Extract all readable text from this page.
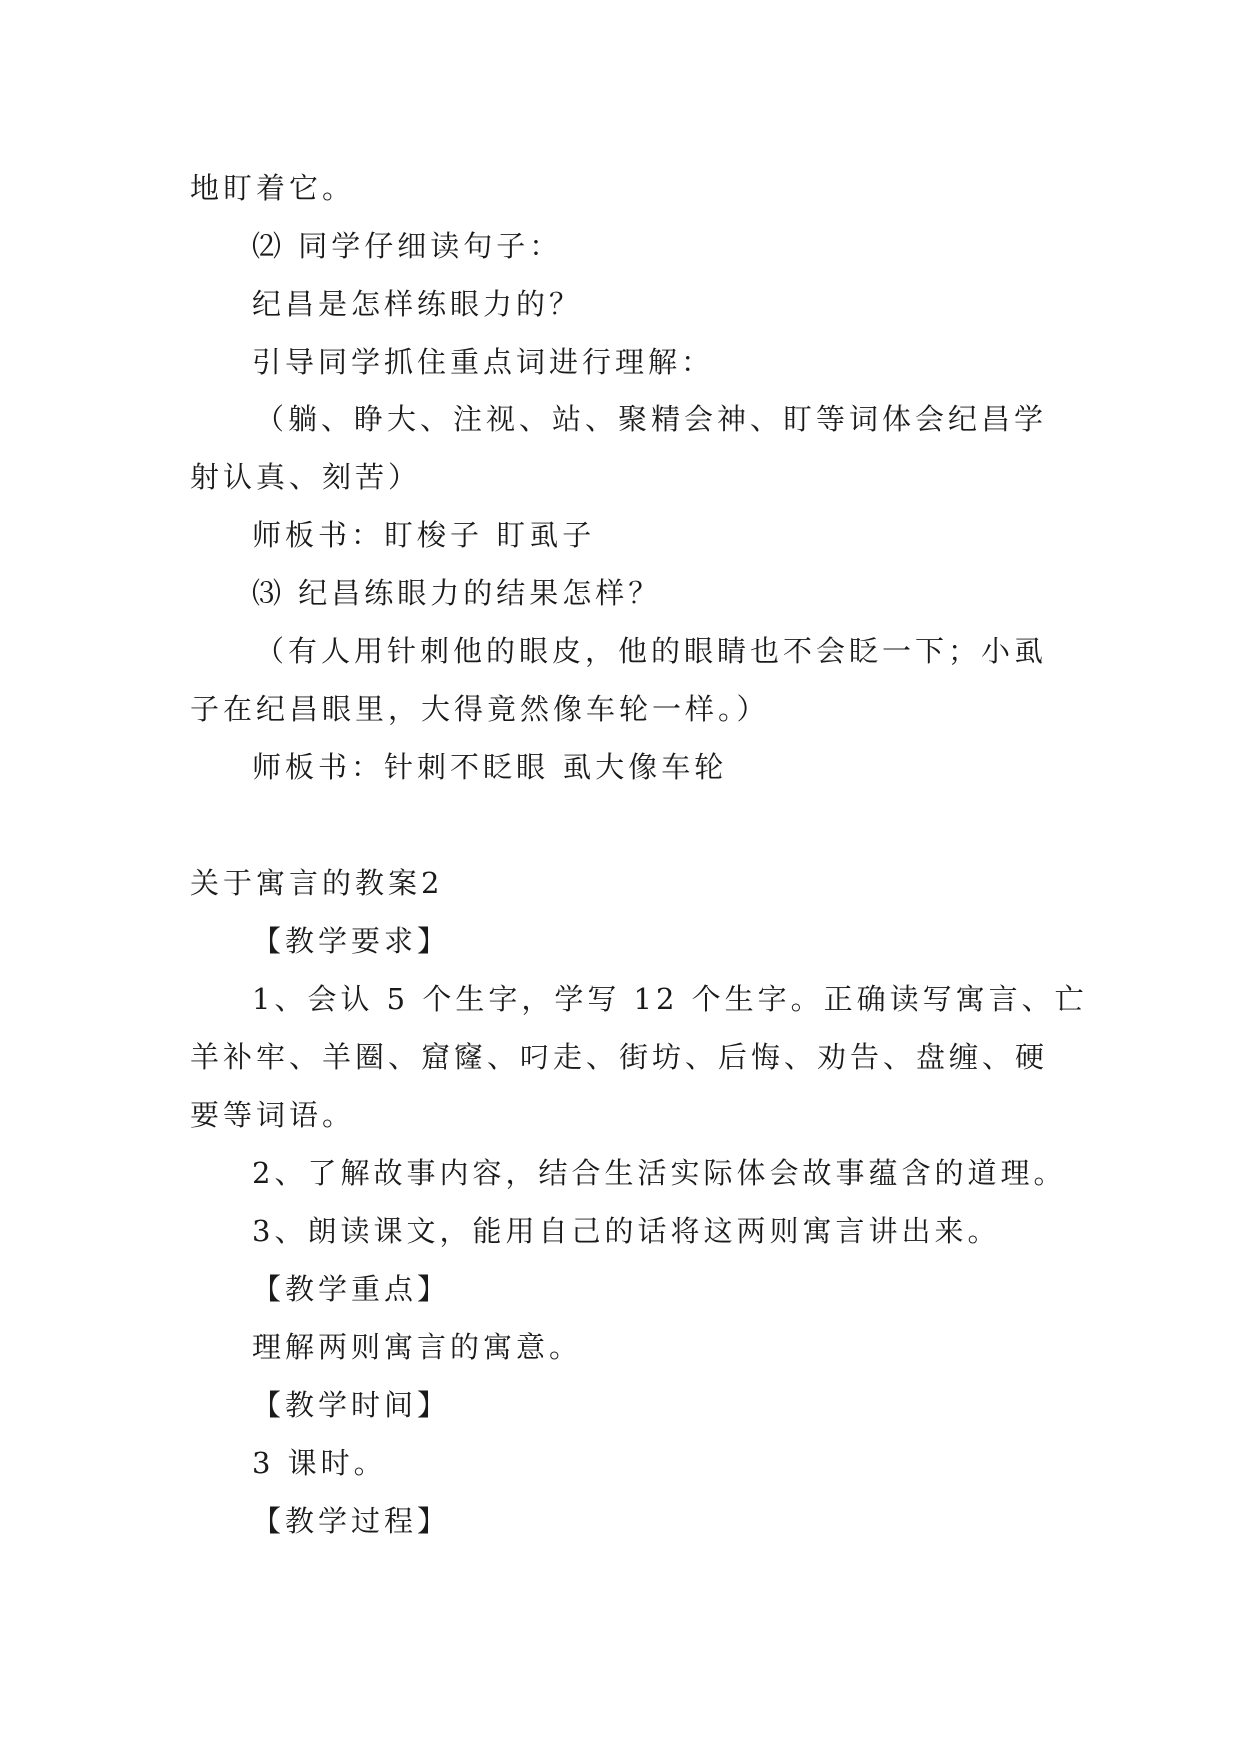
地盯着它。
⑵ 同学仔细读句子：
纪昌是怎样练眼力的？
引导同学抓住重点词进行理解：
（躺、睁大、注视、站、聚精会神、盯等词体会纪昌学
射认真、刻苦）
师板书：盯梭子 盯虱子
⑶ 纪昌练眼力的结果怎样？
（有人用针刺他的眼皮，他的眼睛也不会眨一下；小虱
子在纪昌眼里，大得竟然像车轮一样。）
师板书：针刺不眨眼 虱大像车轮
关于寓言的教案2
【教学要求】
1、会认 5 个生字，学写 12 个生字。正确读写寓言、亡
羊补牢、羊圈、窟窿、叼走、街坊、后悔、劝告、盘缠、硬
要等词语。
2、了解故事内容，结合生活实际体会故事蕴含的道理。
3、朗读课文，能用自己的话将这两则寓言讲出来。
【教学重点】
理解两则寓言的寓意。
【教学时间】
3 课时。
【教学过程】
